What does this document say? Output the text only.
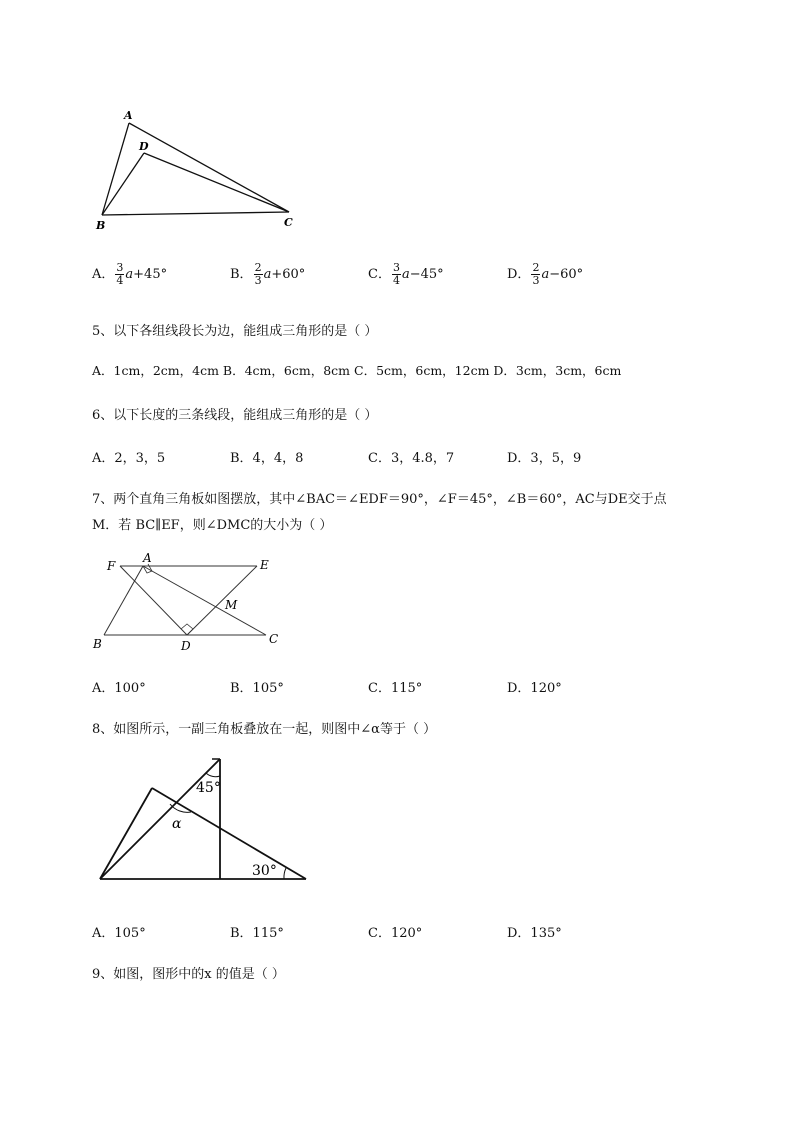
A
D
B	C
A． $\frac{3}{4} a+45^\circ$	B． $\frac{2}{3} a+60^\circ$	C． $\frac{3}{4} a-45^\circ$	D． $\frac{2}{3} a-60^\circ$
5、以下各组线段长为边，能组成三角形的是（ ）
A．1cm，2cm，4cm B．4cm，6cm，8cm C．5cm，6cm，12cm D．3cm，3cm，6cm
6、以下长度的三条线段，能组成三角形的是（ ）
A．2，3，5	B．4，4，8	C．3，4.8，7	D．3，5，9
7、两个直角三角板如图摆放，其中∠BAC＝∠EDF＝90°，∠F＝45°，∠B＝60°，AC与DE交于点
M．若 BC∥EF，则∠DMC的大小为（ ）
F
A	E
M
B	D	C
A．100°	B．105°	C．115°	D．120°
8、如图所示，一副三角板叠放在一起，则图中∠α等于（ ）
45°
α
30°
A．105°	B．115°	C．120°	D．135°
9、如图，图形中的x 的值是（ ）
